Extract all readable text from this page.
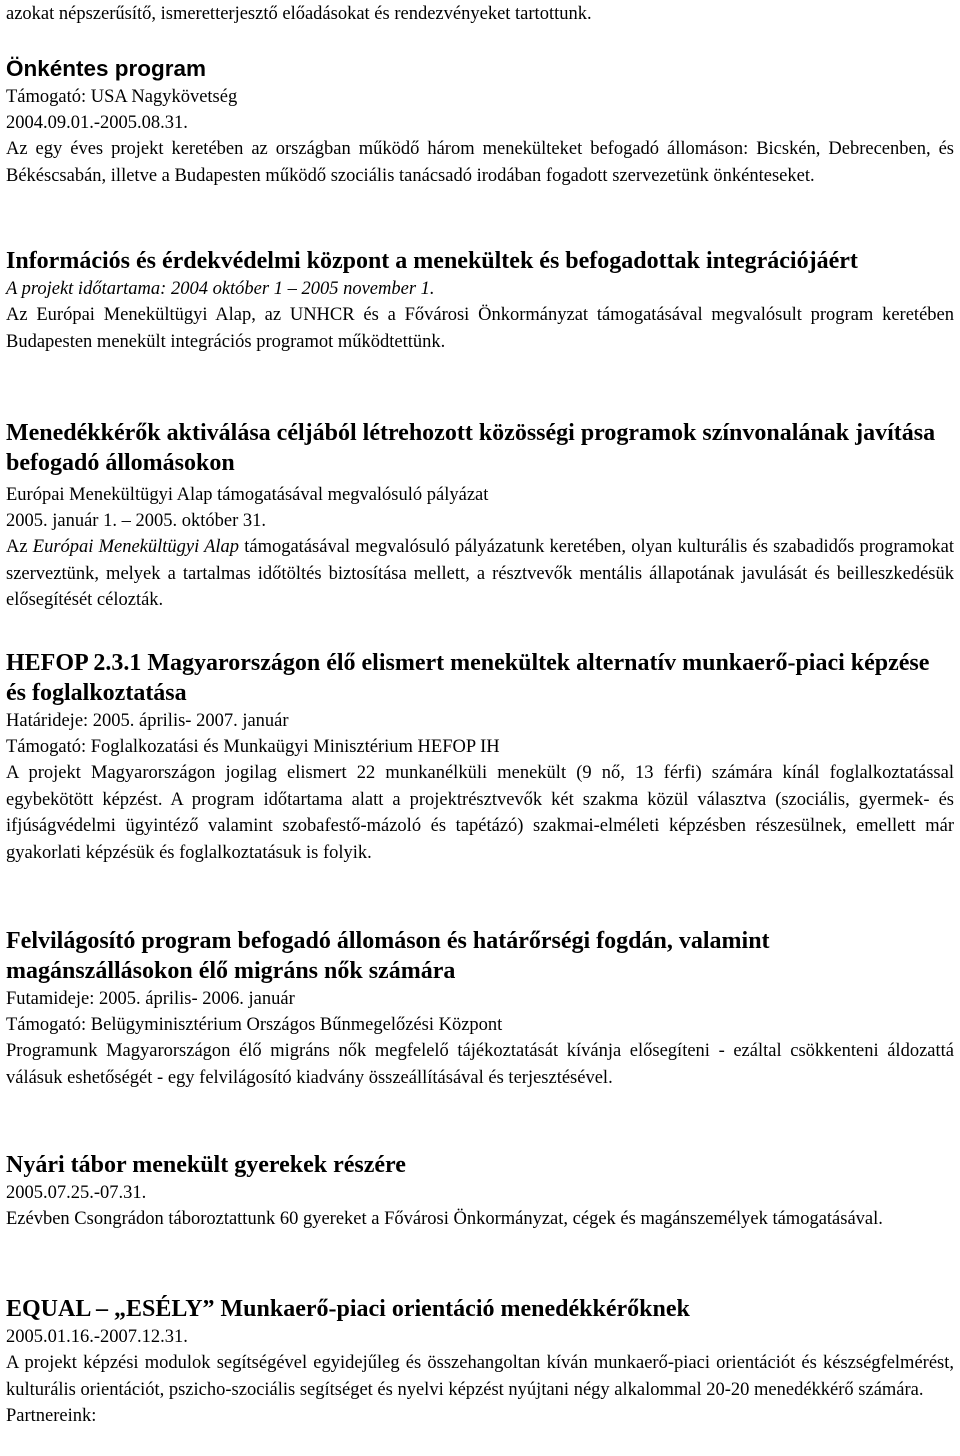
azokat népszerűsítő, ismeretterjesztő előadásokat és rendezvényeket tartottunk.
Önkéntes program
Támogató: USA Nagykövetség
2004.09.01.-2005.08.31.
Az egy éves projekt keretében az országban működő három menekülteket befogadó állomáson: Bicskén, Debrecenben, és Békéscsabán, illetve a Budapesten működő szociális tanácsadó irodában fogadott szervezetünk önkénteseket.
Információs és érdekvédelmi központ a menekültek és befogadottak integrációjáért
A projekt időtartama: 2004 október 1 – 2005 november 1.
Az Európai Menekültügyi Alap, az UNHCR és a Fővárosi Önkormányzat támogatásával megvalósult program keretében Budapesten menekült integrációs programot működtettünk.
Menedékkérők aktiválása céljából létrehozott közösségi programok színvonalának javítása befogadó állomásokon
Európai Menekültügyi Alap támogatásával megvalósuló pályázat
2005. január 1. – 2005. október 31.
Az Európai Menekültügyi Alap támogatásával megvalósuló pályázatunk keretében, olyan kulturális és szabadidős programokat szerveztünk, melyek a tartalmas időtöltés biztosítása mellett, a résztvevők mentális állapotának javulását és beilleszkedésük elősegítését célozták.
HEFOP 2.3.1 Magyarországon élő elismert menekültek alternatív munkaerő-piaci képzése és foglalkoztatása
Határideje: 2005. április- 2007. január
Támogató: Foglalkozatási és Munkaügyi Minisztérium HEFOP IH
A projekt Magyarországon jogilag elismert 22 munkanélküli menekült (9 nő, 13 férfi) számára kínál foglalkoztatással egybekötött képzést. A program időtartama alatt a projektrésztvevők két szakma közül választva (szociális, gyermek- és ifjúságvédelmi ügyintéző valamint szobafestő-mázoló és tapétázó) szakmai-elméleti képzésben részesülnek, emellett már gyakorlati képzésük és foglalkoztatásuk is folyik.
Felvilágosító program befogadó állomáson és határőrségi fogdán, valamint magánszállásokon élő migráns nők számára
Futamideje: 2005. április- 2006. január
Támogató: Belügyminisztérium Országos Bűnmegelőzési Központ
Programunk Magyarországon élő migráns nők megfelelő tájékoztatását kívánja elősegíteni - ezáltal csökkenteni áldozattá válásuk eshetőségét - egy felvilágosító kiadvány összeállításával és terjesztésével.
Nyári tábor menekült gyerekek részére
2005.07.25.-07.31.
Ezévben Csongrádon táboroztattunk 60 gyereket a Fővárosi Önkormányzat, cégek és magánszemélyek támogatásával.
EQUAL – „ESÉLY” Munkaerő-piaci orientáció menedékkérőknek
2005.01.16.-2007.12.31.
A projekt képzési modulok segítségével egyidejűleg és összehangoltan kíván munkaerő-piaci orientációt és készségfelmérést, kulturális orientációt, pszicho-szociális segítséget és nyelvi képzést nyújtani négy alkalommal 20-20 menedékkérő számára.
Partnereink:
